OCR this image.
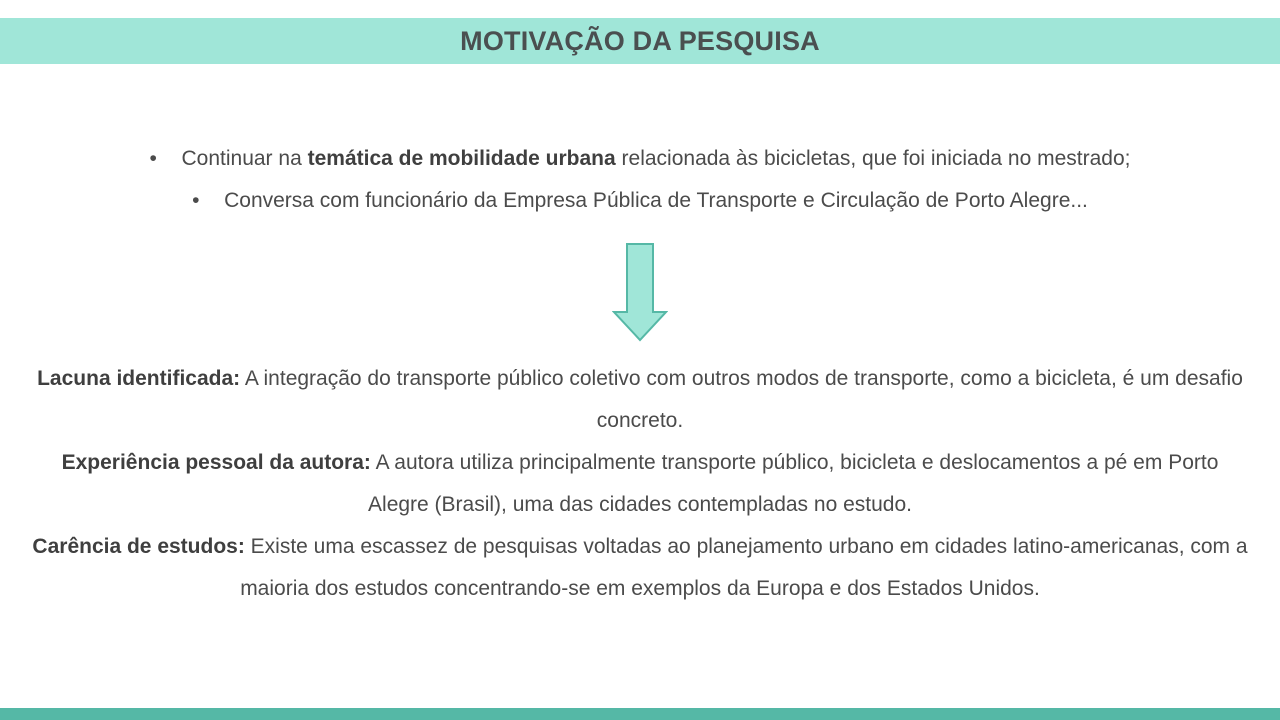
MOTIVAÇÃO DA PESQUISA
• Continuar na temática de mobilidade urbana relacionada às bicicletas, que foi iniciada no mestrado;
• Conversa com funcionário da Empresa Pública de Transporte e Circulação de Porto Alegre...

Lacuna identificada: A integração do transporte público coletivo com outros modos de transporte, como a bicicleta, é um desafio concreto.

Experiência pessoal da autora: A autora utiliza principalmente transporte público, bicicleta e deslocamentos a pé em Porto Alegre (Brasil), uma das cidades contempladas no estudo.

Carência de estudos: Existe uma escassez de pesquisas voltadas ao planejamento urbano em cidades latino-americanas, com a maioria dos estudos concentrando-se em exemplos da Europa e dos Estados Unidos.
